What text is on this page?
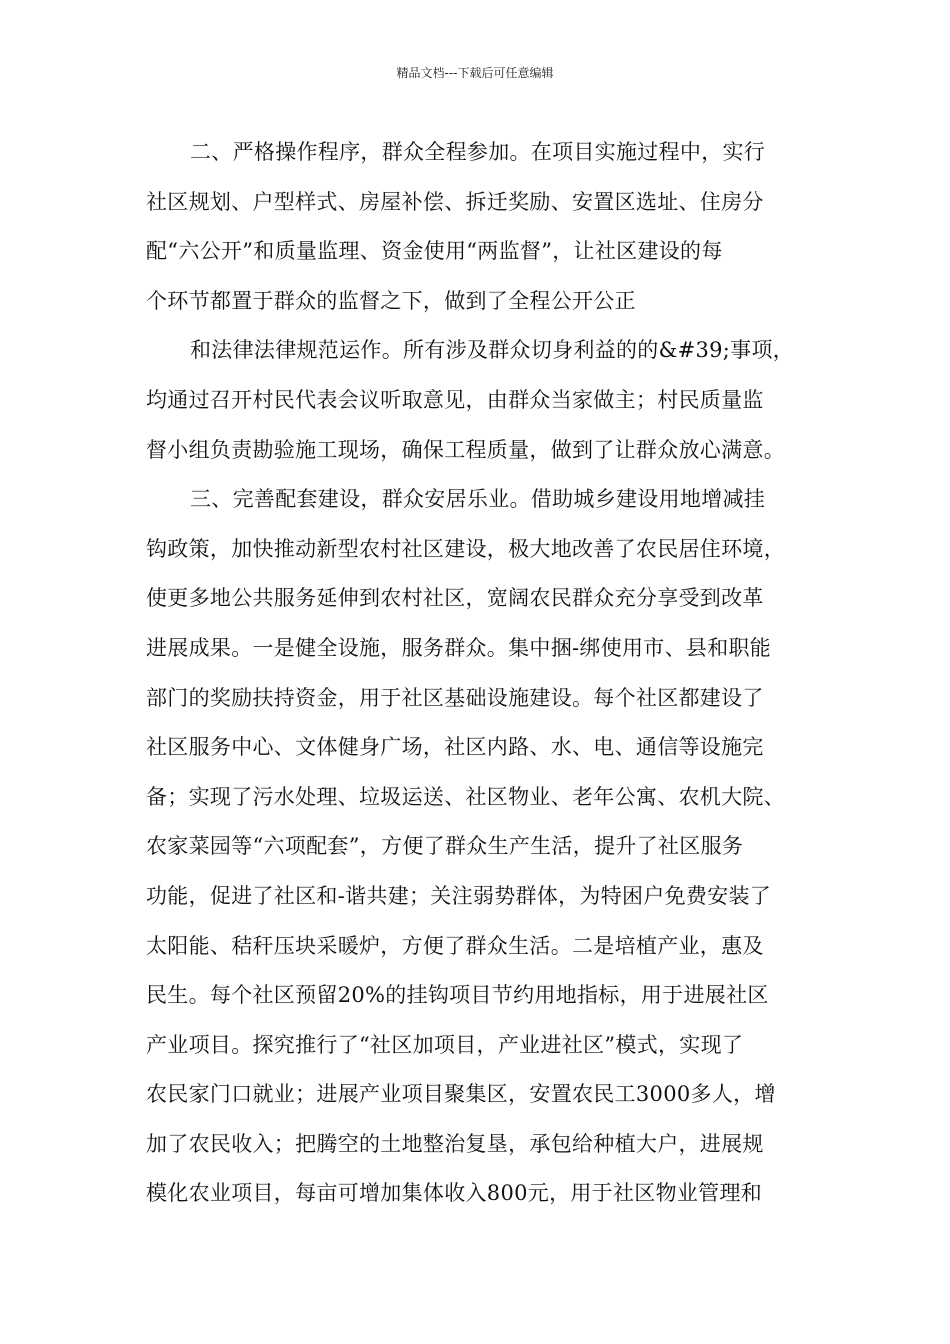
精品文档---下载后可任意编辑
二、严格操作程序，群众全程参加。在项目实施过程中，实行
社区规划、户型样式、房屋补偿、拆迁奖励、安置区选址、住房分
配“六公开”和质量监理、资金使用“两监督”，让社区建设的每
个环节都置于群众的监督之下，做到了全程公开公正
和法律法律规范运作。所有涉及群众切身利益的的&#39;事项，
均通过召开村民代表会议听取意见，由群众当家做主；村民质量监
督小组负责勘验施工现场，确保工程质量，做到了让群众放心满意。
三、完善配套建设，群众安居乐业。借助城乡建设用地增减挂
钩政策，加快推动新型农村社区建设，极大地改善了农民居住环境，
使更多地公共服务延伸到农村社区，宽阔农民群众充分享受到改革
进展成果。一是健全设施，服务群众。集中捆-绑使用市、县和职能
部门的奖励扶持资金，用于社区基础设施建设。每个社区都建设了
社区服务中心、文体健身广场，社区内路、水、电、通信等设施完
备；实现了污水处理、垃圾运送、社区物业、老年公寓、农机大院、
农家菜园等“六项配套”，方便了群众生产生活，提升了社区服务
功能，促进了社区和-谐共建；关注弱势群体，为特困户免费安装了
太阳能、秸秆压块采暖炉，方便了群众生活。二是培植产业，惠及
民生。每个社区预留20%的挂钩项目节约用地指标，用于进展社区
产业项目。探究推行了“社区加项目，产业进社区”模式，实现了
农民家门口就业；进展产业项目聚集区，安置农民工3000多人，增
加了农民收入；把腾空的土地整治复垦，承包给种植大户，进展规
模化农业项目，每亩可增加集体收入800元，用于社区物业管理和
